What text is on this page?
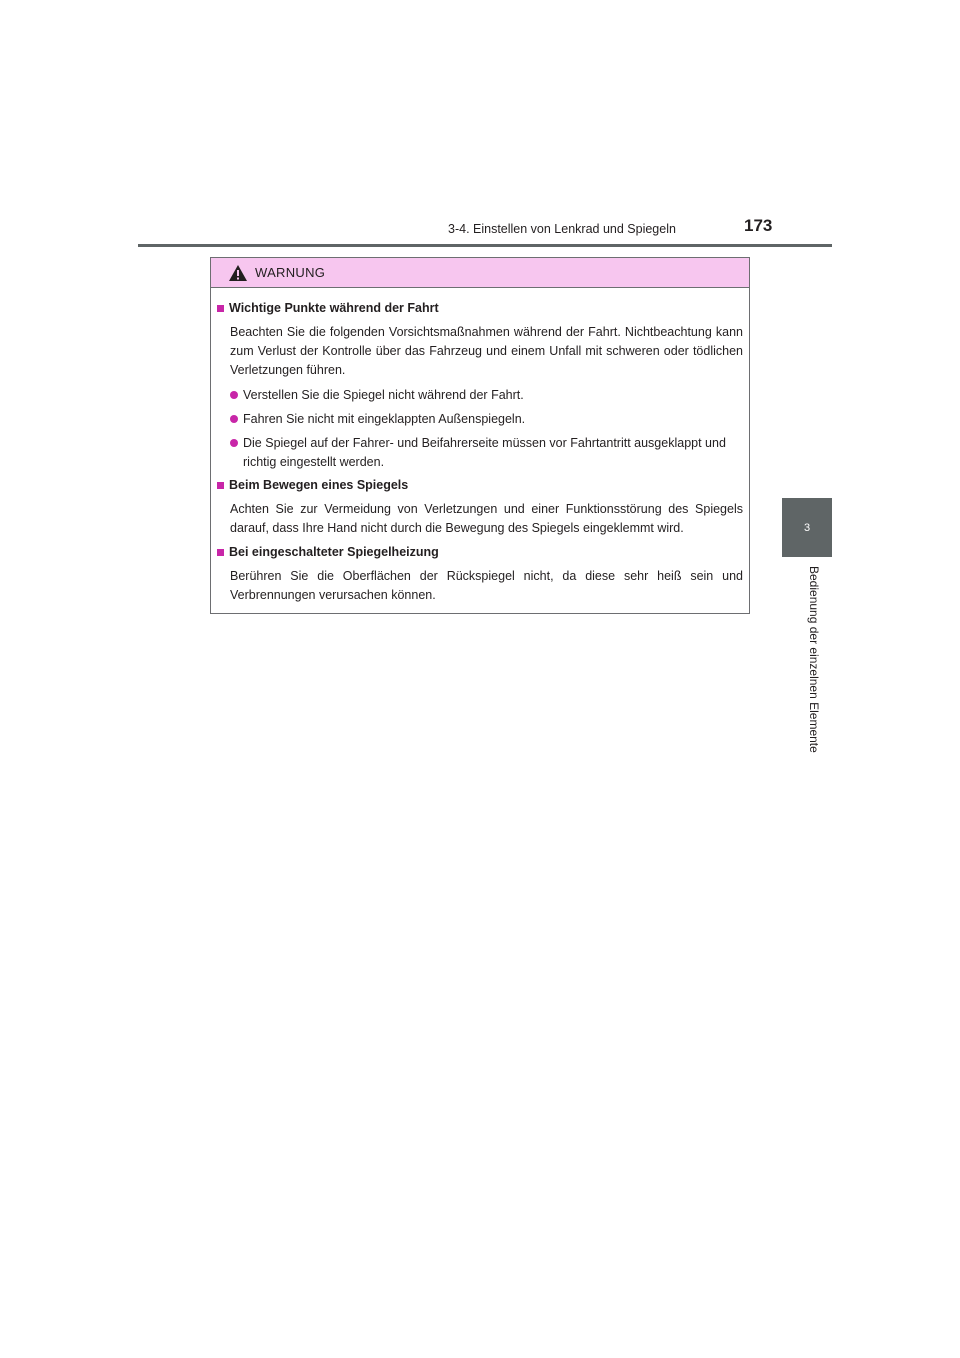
3-4. Einstellen von Lenkrad und Spiegeln	173
3
Bedienung der einzelnen Elemente
WARNUNG
Wichtige Punkte während der Fahrt

Beachten Sie die folgenden Vorsichtsmaßnahmen während der Fahrt. Nichtbeachtung kann zum Verlust der Kontrolle über das Fahrzeug und einem Unfall mit schweren oder tödlichen Verletzungen führen.

Verstellen Sie die Spiegel nicht während der Fahrt.
Fahren Sie nicht mit eingeklappten Außenspiegeln.
Die Spiegel auf der Fahrer- und Beifahrerseite müssen vor Fahrtantritt ausgeklappt und richtig eingestellt werden.
Beim Bewegen eines Spiegels

Achten Sie zur Vermeidung von Verletzungen und einer Funktionsstörung des Spiegels darauf, dass Ihre Hand nicht durch die Bewegung des Spiegels eingeklemmt wird.

Bei eingeschalteter Spiegelheizung

Berühren Sie die Oberflächen der Rückspiegel nicht, da diese sehr heiß sein und Verbrennungen verursachen können.
